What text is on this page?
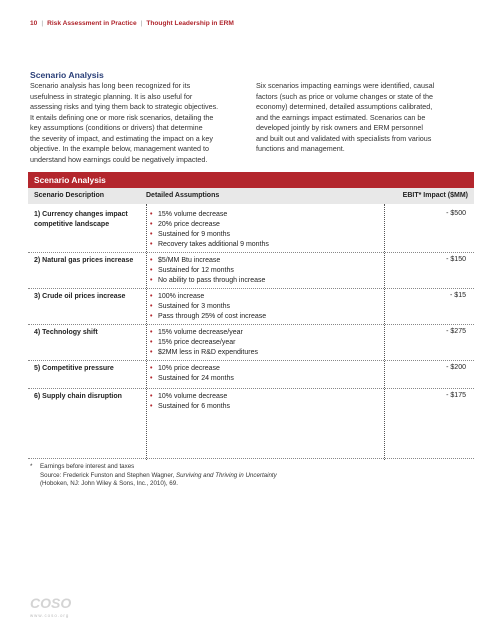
10 | Risk Assessment in Practice | Thought Leadership in ERM
Scenario Analysis
Scenario analysis has long been recognized for its
usefulness in strategic planning. It is also useful for
assessing risks and tying them back to strategic objectives.
It entails defining one or more risk scenarios, detailing the
key assumptions (conditions or drivers) that determine
the severity of impact, and estimating the impact on a key
objective. In the example below, management wanted to
understand how earnings could be negatively impacted.
Six scenarios impacting earnings were identified, causal
factors (such as price or volume changes or state of the
economy) determined, detailed assumptions calibrated,
and the earnings impact estimated. Scenarios can be
developed jointly by risk owners and ERM personnel
and built out and validated with specialists from various
functions and management.
Scenario Analysis
Scenario Description	Detailed Assumptions	EBIT* Impact ($MM)
1) Currency changes impact competitive landscape
• 15% volume decrease
• 20% price decrease
• Sustained for 9 months
• Recovery takes additional 9 months
- $500
2) Natural gas prices increase	• $5/MM Btu increase
• Sustained for 12 months
• No ability to pass through increase
- $150
3) Crude oil prices increase	• 100% increase
• Sustained for 3 months
• Pass through 25% of cost increase
- $15
4) Technology shift	• 15% volume decrease/year
• 15% price decrease/year
• $2MM less in R&D expenditures
- $275
5) Competitive pressure	• 10% price decrease
• Sustained for 24 months
- $200
6) Supply chain disruption	• 10% volume decrease
• Sustained for 6 months
- $175
* Earnings before interest and taxes
Source: Frederick Funston and Stephen Wagner, Surviving and Thriving in Uncertainty
(Hoboken, NJ: John Wiley & Sons, Inc., 2010), 69.
COSO
www.coso.org
